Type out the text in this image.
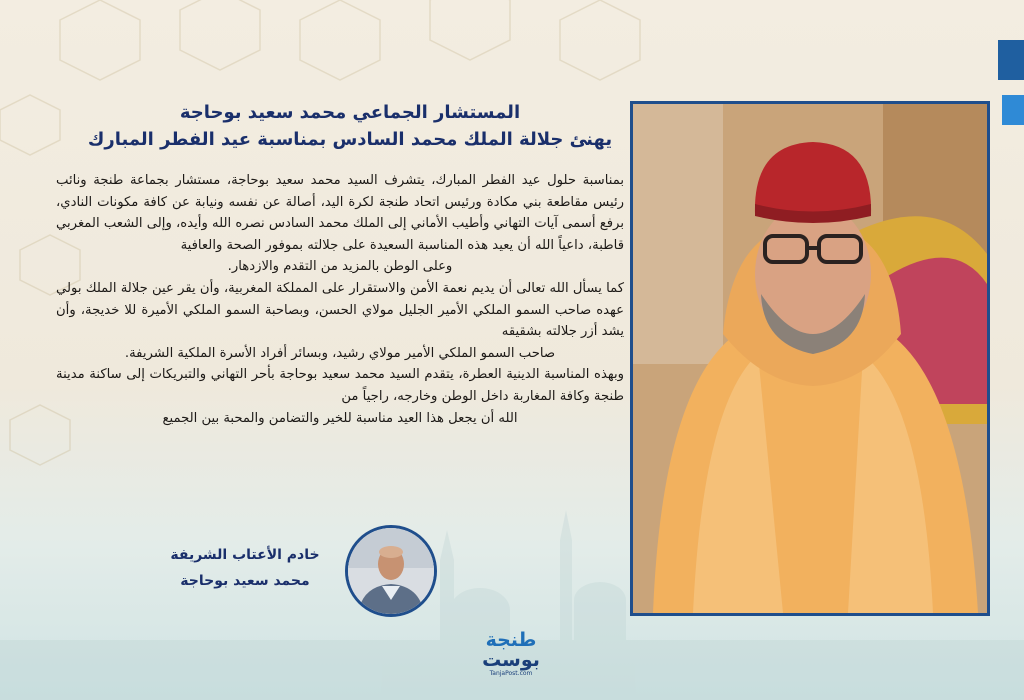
المستشار الجماعي محمد سعيد بوحاجة
يهنئ جلالة الملك محمد السادس بمناسبة عيد الفطر المبارك

بمناسبة حلول عيد الفطر المبارك، يتشرف السيد محمد سعيد بوحاجة، مستشار بجماعة طنجة ونائب رئيس مقاطعة بني مكادة ورئيس اتحاد طنجة لكرة اليد، أصالة عن نفسه ونيابة عن كافة مكونات النادي، برفع أسمى آيات التهاني وأطيب الأماني إلى الملك محمد السادس نصره الله وأيده، وإلى الشعب المغربي قاطبة، داعياً الله أن يعيد هذه المناسبة السعيدة على جلالته بموفور الصحة والعافية

وعلى الوطن بالمزيد من التقدم والازدهار.

كما يسأل الله تعالى أن يديم نعمة الأمن والاستقرار على المملكة المغربية، وأن يقر عين جلالة الملك بولي عهده صاحب السمو الملكي الأمير الجليل مولاي الحسن، وبصاحبة السمو الملكي الأميرة للا خديجة، وأن يشد أزر جلالته بشقيقه

صاحب السمو الملكي الأمير مولاي رشيد، وبسائر أفراد الأسرة الملكية الشريفة.

وبهذه المناسبة الدينية العطرة، يتقدم السيد محمد سعيد بوحاجة بأحر التهاني والتبريكات إلى ساكنة مدينة طنجة وكافة المغاربة داخل الوطن وخارجه، راجياً من

الله أن يجعل هذا العيد مناسبة للخير والتضامن والمحبة بين الجميع

خادم الأعتاب الشريفة
محمد سعيد بوحاجة
طنجة
بوست
TanjaPost.com
